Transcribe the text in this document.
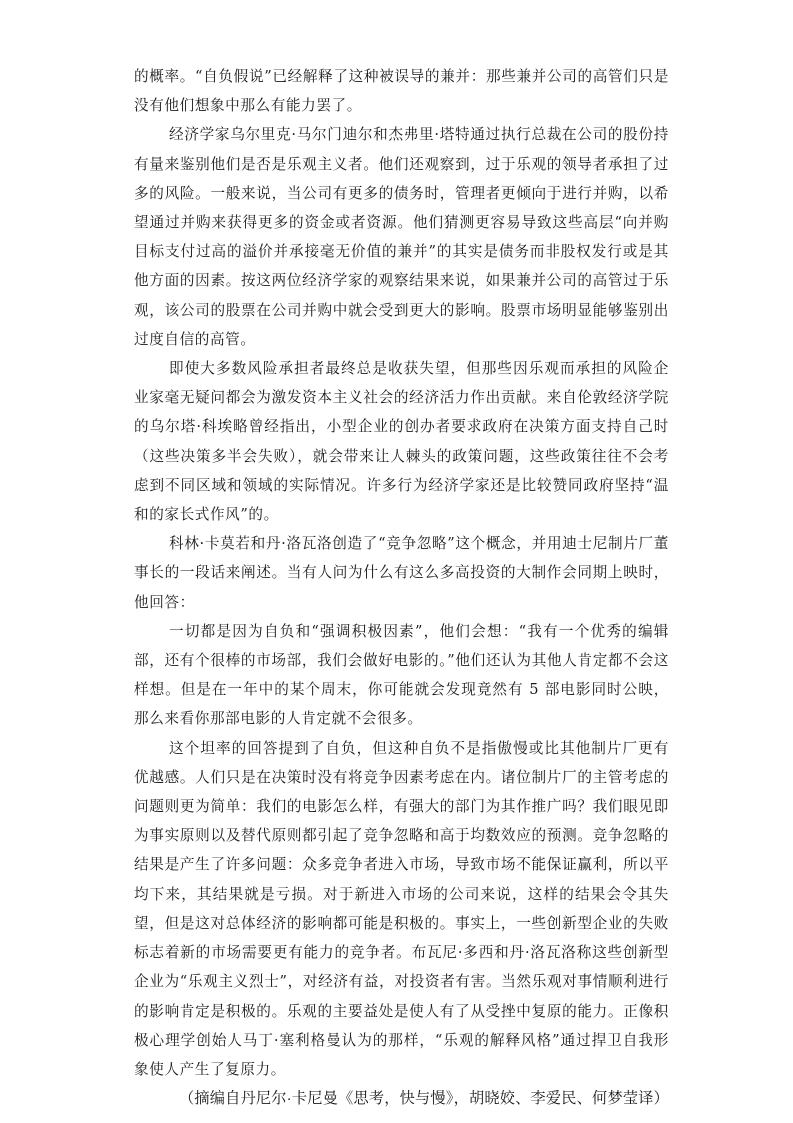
的概率。“自负假说”已经解释了这种被误导的兼并：那些兼并公司的高管们只是没有他们想象中那么有能力罢了。

经济学家乌尔里克·马尔门迪尔和杰弗里·塔特通过执行总裁在公司的股份持有量来鉴别他们是否是乐观主义者。他们还观察到，过于乐观的领导者承担了过多的风险。一般来说，当公司有更多的债务时，管理者更倾向于进行并购，以希望通过并购来获得更多的资金或者资源。他们猜测更容易导致这些高层“向并购目标支付过高的溢价并承接毫无价值的兼并”的其实是债务而非股权发行或是其他方面的因素。按这两位经济学家的观察结果来说，如果兼并公司的高管过于乐观，该公司的股票在公司并购中就会受到更大的影响。股票市场明显能够鉴别出过度自信的高管。

即使大多数风险承担者最终总是收获失望，但那些因乐观而承担的风险企业家毫无疑问都会为激发资本主义社会的经济活力作出贡献。来自伦敦经济学院的乌尔塔·科埃略曾经指出，小型企业的创办者要求政府在决策方面支持自己时（这些决策多半会失败），就会带来让人棘头的政策问题，这些政策往往不会考虑到不同区域和领域的实际情况。许多行为经济学家还是比较赞同政府坚持“温和的家长式作风”的。

科林·卡莫若和丹·洛瓦洛创造了“竞争忽略”这个概念，并用迪士尼制片厂董事长的一段话来阐述。当有人问为什么有这么多高投资的大制作会同期上映时，他回答：

一切都是因为自负和“强调积极因素”，他们会想：“我有一个优秀的编辑部，还有个很棒的市场部，我们会做好电影的。”他们还认为其他人肯定都不会这样想。但是在一年中的某个周末，你可能就会发现竟然有 5 部电影同时公映，那么来看你那部电影的人肯定就不会很多。

这个坦率的回答提到了自负，但这种自负不是指傲慢或比其他制片厂更有优越感。人们只是在决策时没有将竞争因素考虑在内。诸位制片厂的主管考虑的问题则更为简单：我们的电影怎么样，有强大的部门为其作推广吗？我们眼见即为事实原则以及替代原则都引起了竞争忽略和高于均数效应的预测。竞争忽略的结果是产生了许多问题：众多竞争者进入市场，导致市场不能保证赢利，所以平均下来，其结果就是亏损。对于新进入市场的公司来说，这样的结果会令其失望，但是这对总体经济的影响都可能是积极的。事实上，一些创新型企业的失败标志着新的市场需要更有能力的竞争者。布瓦尼·多西和丹·洛瓦洛称这些创新型企业为“乐观主义烈士”，对经济有益，对投资者有害。当然乐观对事情顺利进行的影响肯定是积极的。乐观的主要益处是使人有了从受挫中复原的能力。正像积极心理学创始人马丁·塞利格曼认为的那样，“乐观的解释风格”通过捍卫自我形象使人产生了复原力。

（摘编自丹尼尔·卡尼曼《思考，快与慢》，胡晓姣、李爱民、何梦莹译）
